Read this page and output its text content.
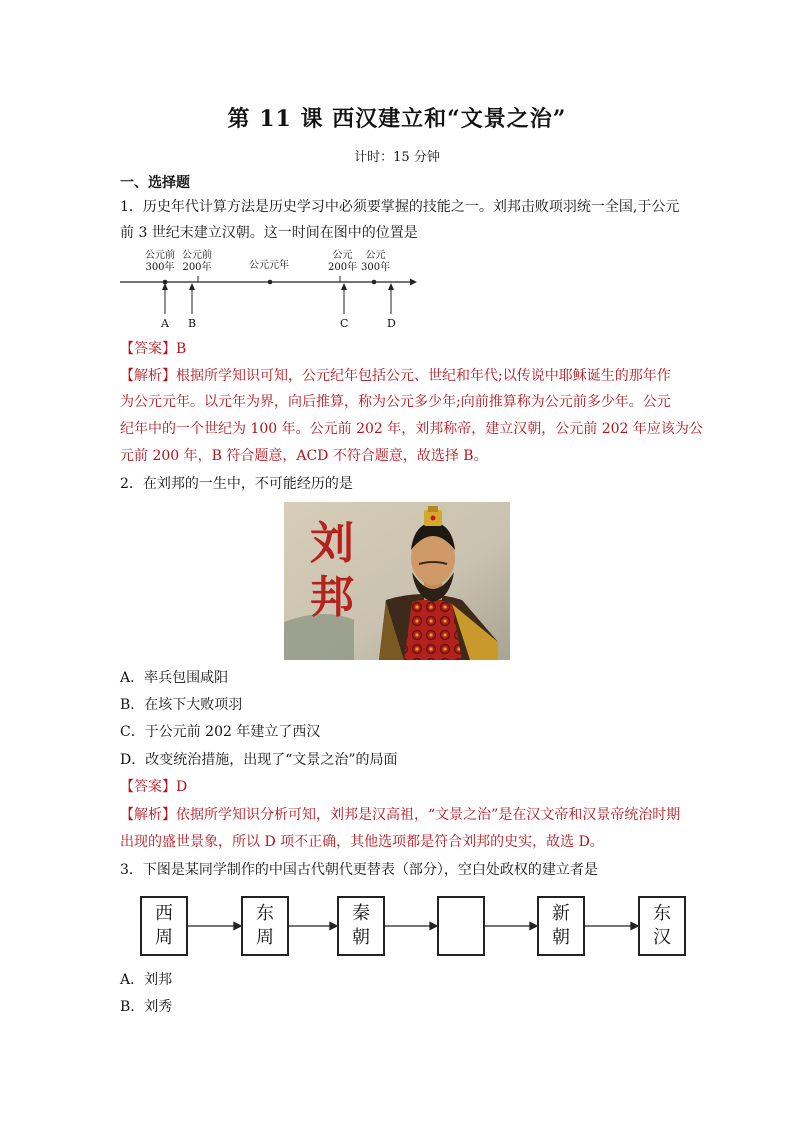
第 11 课 西汉建立和“文景之治”
计时：15 分钟
一、选择题
1．历史年代计算方法是历史学习中必须要掌握的技能之一。刘邦击败项羽统一全国,于公元
前 3 世纪末建立汉朝。这一时间在图中的位置是
公元前
300年
公元前
200年	公元元年
公元
200年
公元
300年
A B	C	D
【答案】B
【解析】根据所学知识可知，公元纪年包括公元、世纪和年代;以传说中耶稣诞生的那年作
为公元元年。以元年为界，向后推算，称为公元多少年;向前推算称为公元前多少年。公元
纪年中的一个世纪为 100 年。公元前 202 年，刘邦称帝，建立汉朝，公元前 202 年应该为公
元前 200 年，B 符合题意，ACD 不符合题意，故选择 B。
2．在刘邦的一生中，不可能经历的是
刘
邦
A．率兵包围咸阳
B．在垓下大败项羽
C．于公元前 202 年建立了西汉
D．改变统治措施，出现了“文景之治”的局面
【答案】D
【解析】依据所学知识分析可知，刘邦是汉高祖，“文景之治”是在汉文帝和汉景帝统治时期
出现的盛世景象，所以 D 项不正确，其他选项都是符合刘邦的史实，故选 D。
3．下图是某同学制作的中国古代朝代更替表（部分），空白处政权的建立者是
西
周
东
周
秦
朝
新
朝
东
汉
A．刘邦
B．刘秀
